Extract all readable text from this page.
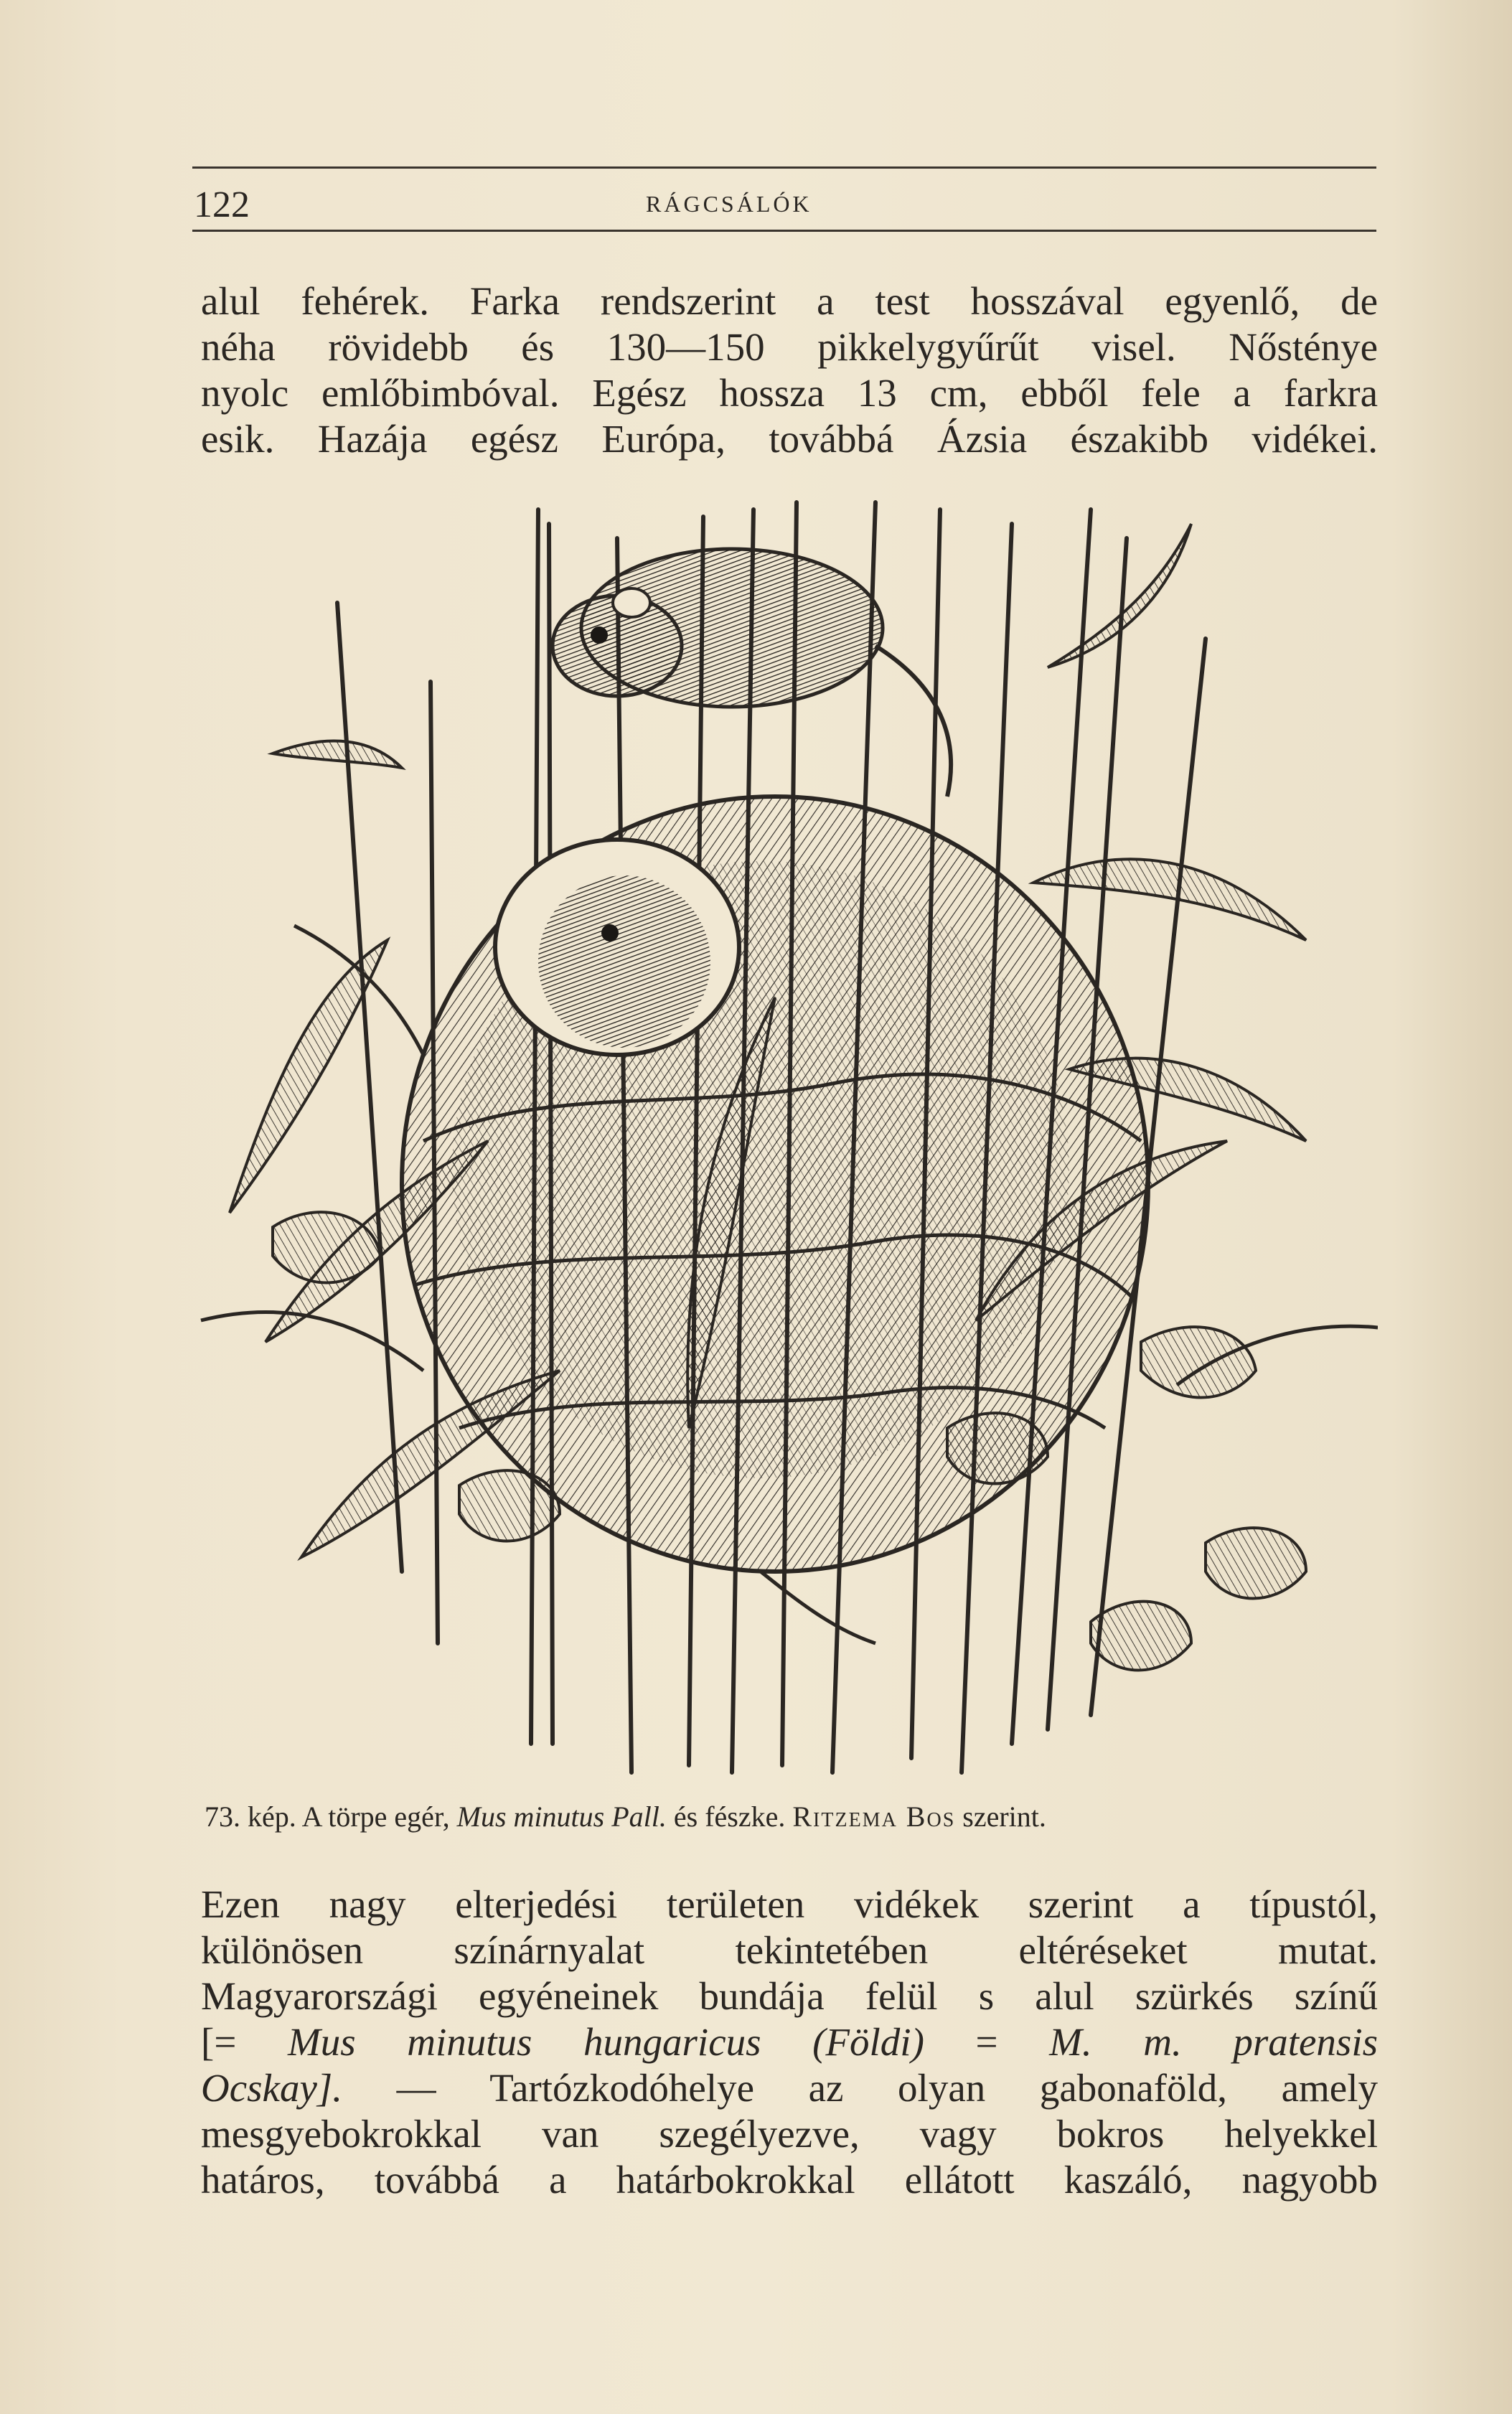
122	RÁGCSÁLÓK
alul fehérek. Farka rendszerint a test hosszával egyenlő, de
néha rövidebb és 130—150 pikkelygyűrűt visel. Nősténye
nyolc emlőbimbóval. Egész hossza 13 cm, ebből fele a farkra
esik. Hazája egész Európa, továbbá Ázsia északibb vidékei.
73. kép. A törpe egér, Mus minutus Pall. és fészke. Ritzema Bos szerint.
Ezen nagy elterjedési területen vidékek szerint a típustól,
különösen színárnyalat tekintetében eltéréseket mutat.
Magyarországi egyéneinek bundája felül s alul szürkés színű
[= Mus minutus hungaricus (Földi) = M. m. pratensis
Ocskay]. — Tartózkodóhelye az olyan gabonaföld, amely
mesgyebokrokkal van szegélyezve, vagy bokros helyekkel
határos, továbbá a határbokrokkal ellátott kaszáló, nagyobb
